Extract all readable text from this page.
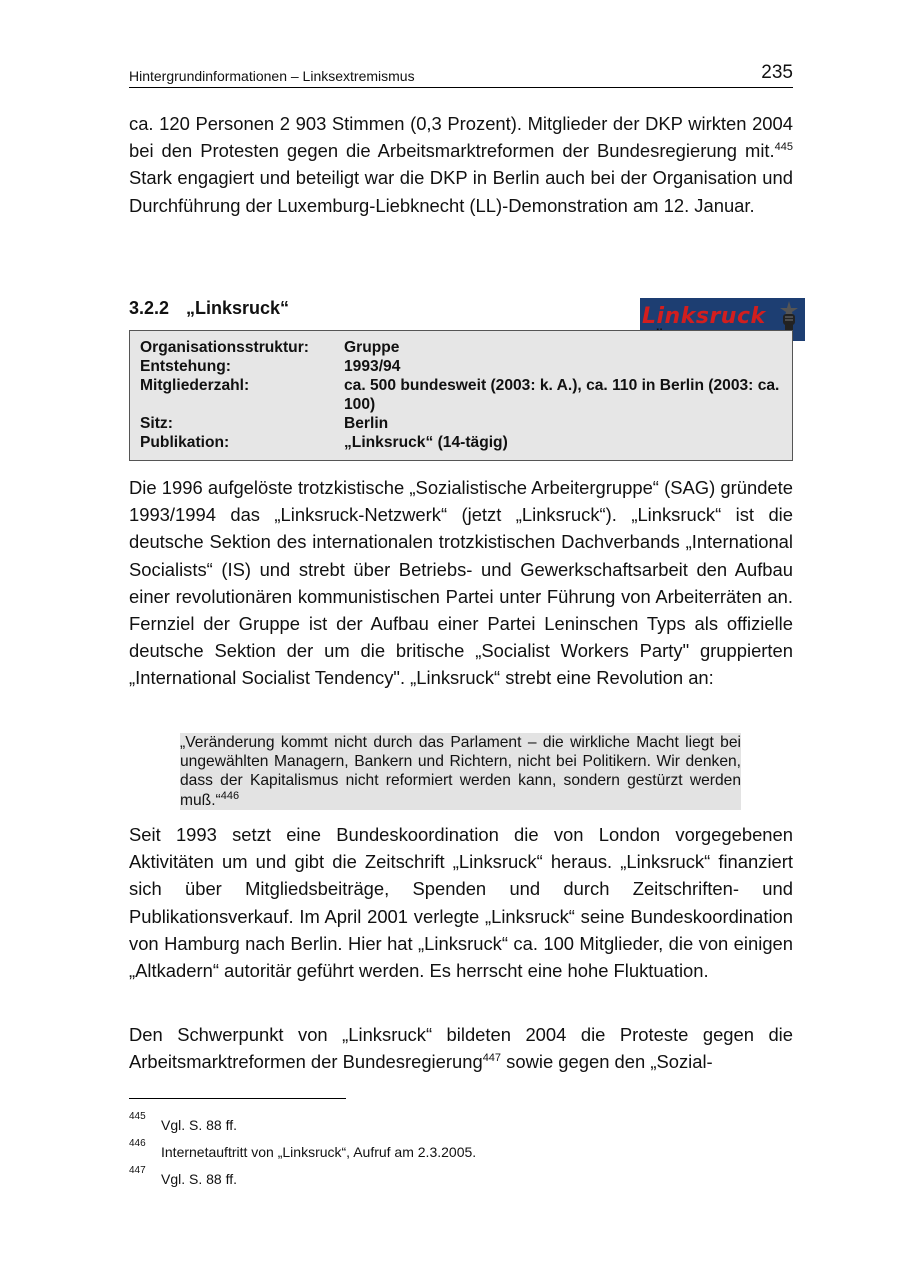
Hintergrundinformationen – Linksextremismus	235

ca. 120 Personen 2 903 Stimmen (0,3 Prozent). Mitglieder der DKP wirkten 2004 bei den Protesten gegen die Arbeitsmarktreformen der Bundesregierung mit.$^{445}$ Stark engagiert und beteiligt war die DKP in Berlin auch bei der Organisation und Durchführung der Luxemburg-Liebknecht (LL)-Demonstration am 12. Januar.

3.2.2 „Linksruck“	Linksruck
Organisationsstruktur: Gruppe
Entstehung:	1993/94
Mitgliederzahl:	ca. 500 bundesweit (2003: k. A.), ca. 110 in Berlin (2003: ca. 100)
Sitz:	Berlin
Publikation:	„Linksruck“ (14-tägig)

Die 1996 aufgelöste trotzkistische „Sozialistische Arbeitergruppe“ (SAG) gründete 1993/1994 das „Linksruck-Netzwerk“ (jetzt „Linksruck“). „Linksruck“ ist die deutsche Sektion des internationalen trotzkistischen Dachverbands „International Socialists“ (IS) und strebt über Betriebs- und Gewerkschaftsarbeit den Aufbau einer revolutionären kommunistischen Partei unter Führung von Arbeiterräten an. Fernziel der Gruppe ist der Aufbau einer Partei Leninschen Typs als offizielle deutsche Sektion der um die britische „Socialist Workers Party" gruppierten „International Socialist Tendency". „Linksruck“ strebt eine Revolution an:

„Veränderung kommt nicht durch das Parlament – die wirkliche Macht liegt bei ungewählten Managern, Bankern und Richtern, nicht bei Politikern. Wir denken, dass der Kapitalismus nicht reformiert werden kann, sondern gestürzt werden muß.“$^{446}$

Seit 1993 setzt eine Bundeskoordination die von London vorgegebenen Aktivitäten um und gibt die Zeitschrift „Linksruck“ heraus. „Linksruck“ finanziert sich über Mitgliedsbeiträge, Spenden und durch Zeitschriften- und Publikationsverkauf. Im April 2001 verlegte „Linksruck“ seine Bundeskoordination von Hamburg nach Berlin. Hier hat „Linksruck“ ca. 100 Mitglieder, die von einigen „Altkadern“ autoritär geführt werden. Es herrscht eine hohe Fluktuation.

Den Schwerpunkt von „Linksruck“ bildeten 2004 die Proteste gegen die Arbeitsmarktreformen der Bundesregierung$^{447}$ sowie gegen den „Sozial-

445
Vgl. S. 88 ff.
446
Internetauftritt von „Linksruck“, Aufruf am 2.3.2005.
447
Vgl. S. 88 ff.
